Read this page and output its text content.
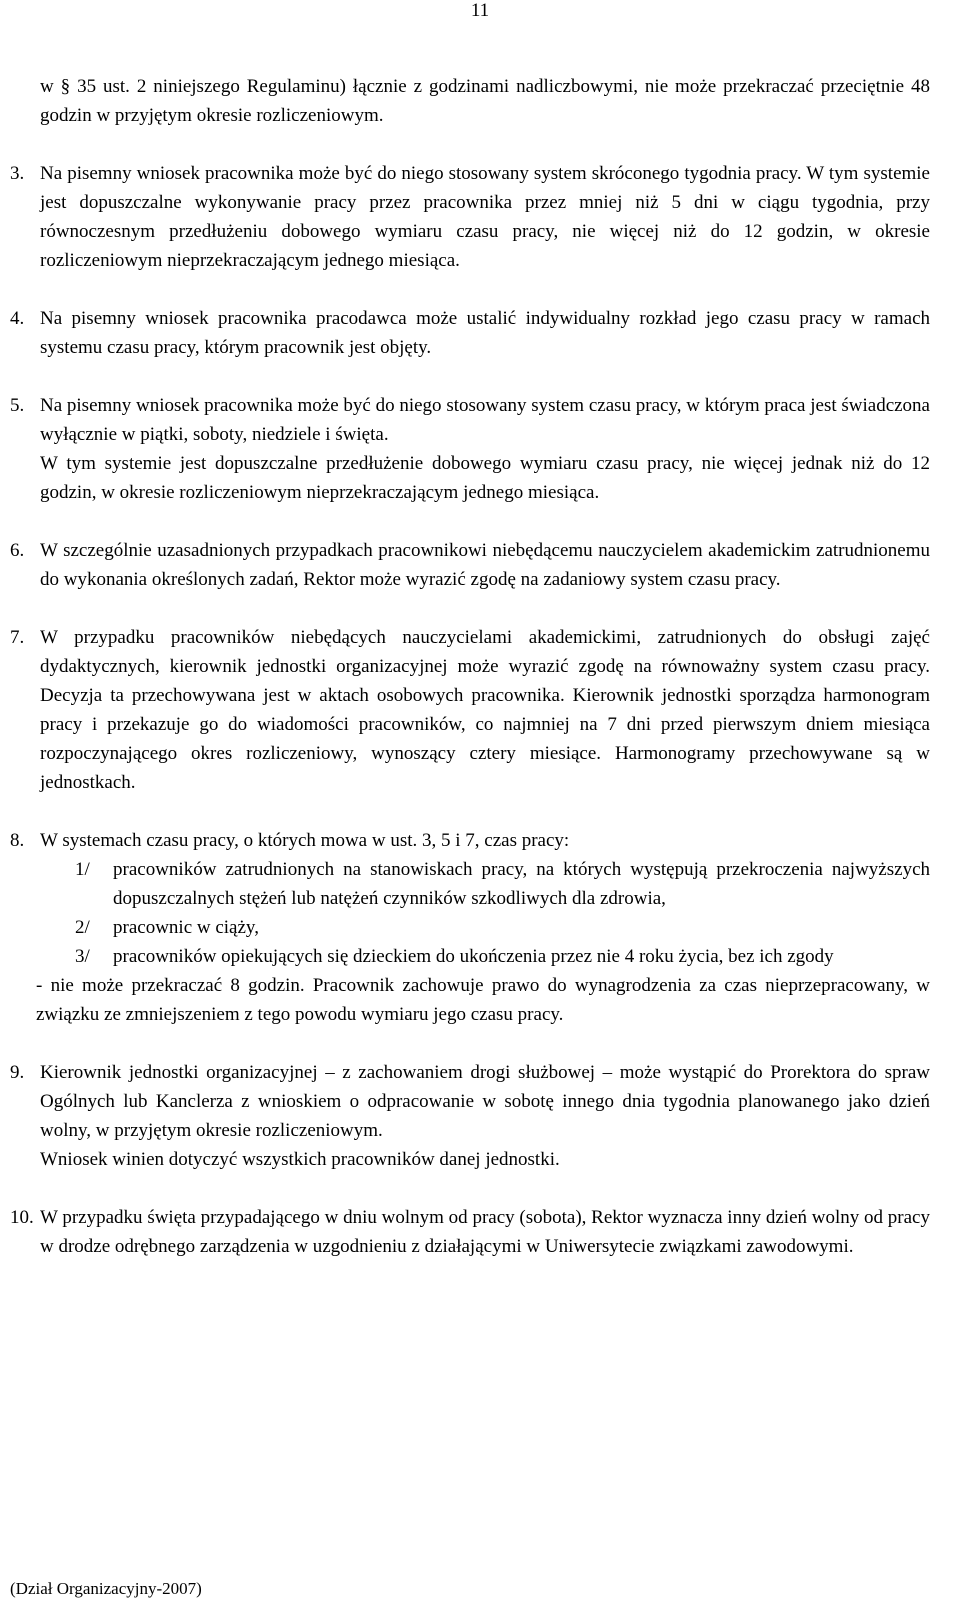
11
w § 35 ust. 2 niniejszego Regulaminu) łącznie z godzinami nadliczbowymi, nie może przekraczać przeciętnie 48 godzin w przyjętym okresie rozliczeniowym.
3. Na pisemny wniosek pracownika może być do niego stosowany system skróconego tygodnia pracy. W tym systemie jest dopuszczalne wykonywanie pracy przez pracownika przez mniej niż 5 dni w ciągu tygodnia, przy równoczesnym przedłużeniu dobowego wymiaru czasu pracy, nie więcej niż do 12 godzin, w okresie rozliczeniowym nieprzekraczającym jednego miesiąca.
4. Na pisemny wniosek pracownika pracodawca może ustalić indywidualny rozkład jego czasu pracy w ramach systemu czasu pracy, którym pracownik jest objęty.
5. Na pisemny wniosek pracownika może być do niego stosowany system czasu pracy, w którym praca jest świadczona wyłącznie w piątki, soboty, niedziele i święta.
W tym systemie jest dopuszczalne przedłużenie dobowego wymiaru czasu pracy, nie więcej jednak niż do 12 godzin, w okresie rozliczeniowym nieprzekraczającym jednego miesiąca.
6. W szczególnie uzasadnionych przypadkach pracownikowi niebędącemu nauczycielem akademickim zatrudnionemu do wykonania określonych zadań, Rektor może wyrazić zgodę na zadaniowy system czasu pracy.
7. W przypadku pracowników niebędących nauczycielami akademickimi, zatrudnionych do obsługi zajęć dydaktycznych, kierownik jednostki organizacyjnej może wyrazić zgodę na równoważny system czasu pracy. Decyzja ta przechowywana jest w aktach osobowych pracownika. Kierownik jednostki sporządza harmonogram pracy i przekazuje go do wiadomości pracowników, co najmniej na 7 dni przed pierwszym dniem miesiąca rozpoczynającego okres rozliczeniowy, wynoszący cztery miesiące. Harmonogramy przechowywane są w jednostkach.
8. W systemach czasu pracy, o których mowa w ust. 3, 5 i 7, czas pracy:
1/ pracowników zatrudnionych na stanowiskach pracy, na których występują przekroczenia najwyższych dopuszczalnych stężeń lub natężeń czynników szkodliwych dla zdrowia,
2/ pracownic w ciąży,
3/ pracowników opiekujących się dzieckiem do ukończenia przez nie 4 roku życia, bez ich zgody
- nie może przekraczać 8 godzin. Pracownik zachowuje prawo do wynagrodzenia za czas nieprzepracowany, w związku ze zmniejszeniem z tego powodu wymiaru jego czasu pracy.
9. Kierownik jednostki organizacyjnej – z zachowaniem drogi służbowej – może wystąpić do Prorektora do spraw Ogólnych lub Kanclerza z wnioskiem o odpracowanie w sobotę innego dnia tygodnia planowanego jako dzień wolny, w przyjętym okresie rozliczeniowym.
Wniosek winien dotyczyć wszystkich pracowników danej jednostki.
10. W przypadku święta przypadającego w dniu wolnym od pracy (sobota), Rektor wyznacza inny dzień wolny od pracy w drodze odrębnego zarządzenia w uzgodnieniu z działającymi w Uniwersytecie związkami zawodowymi.
(Dział Organizacyjny-2007)
